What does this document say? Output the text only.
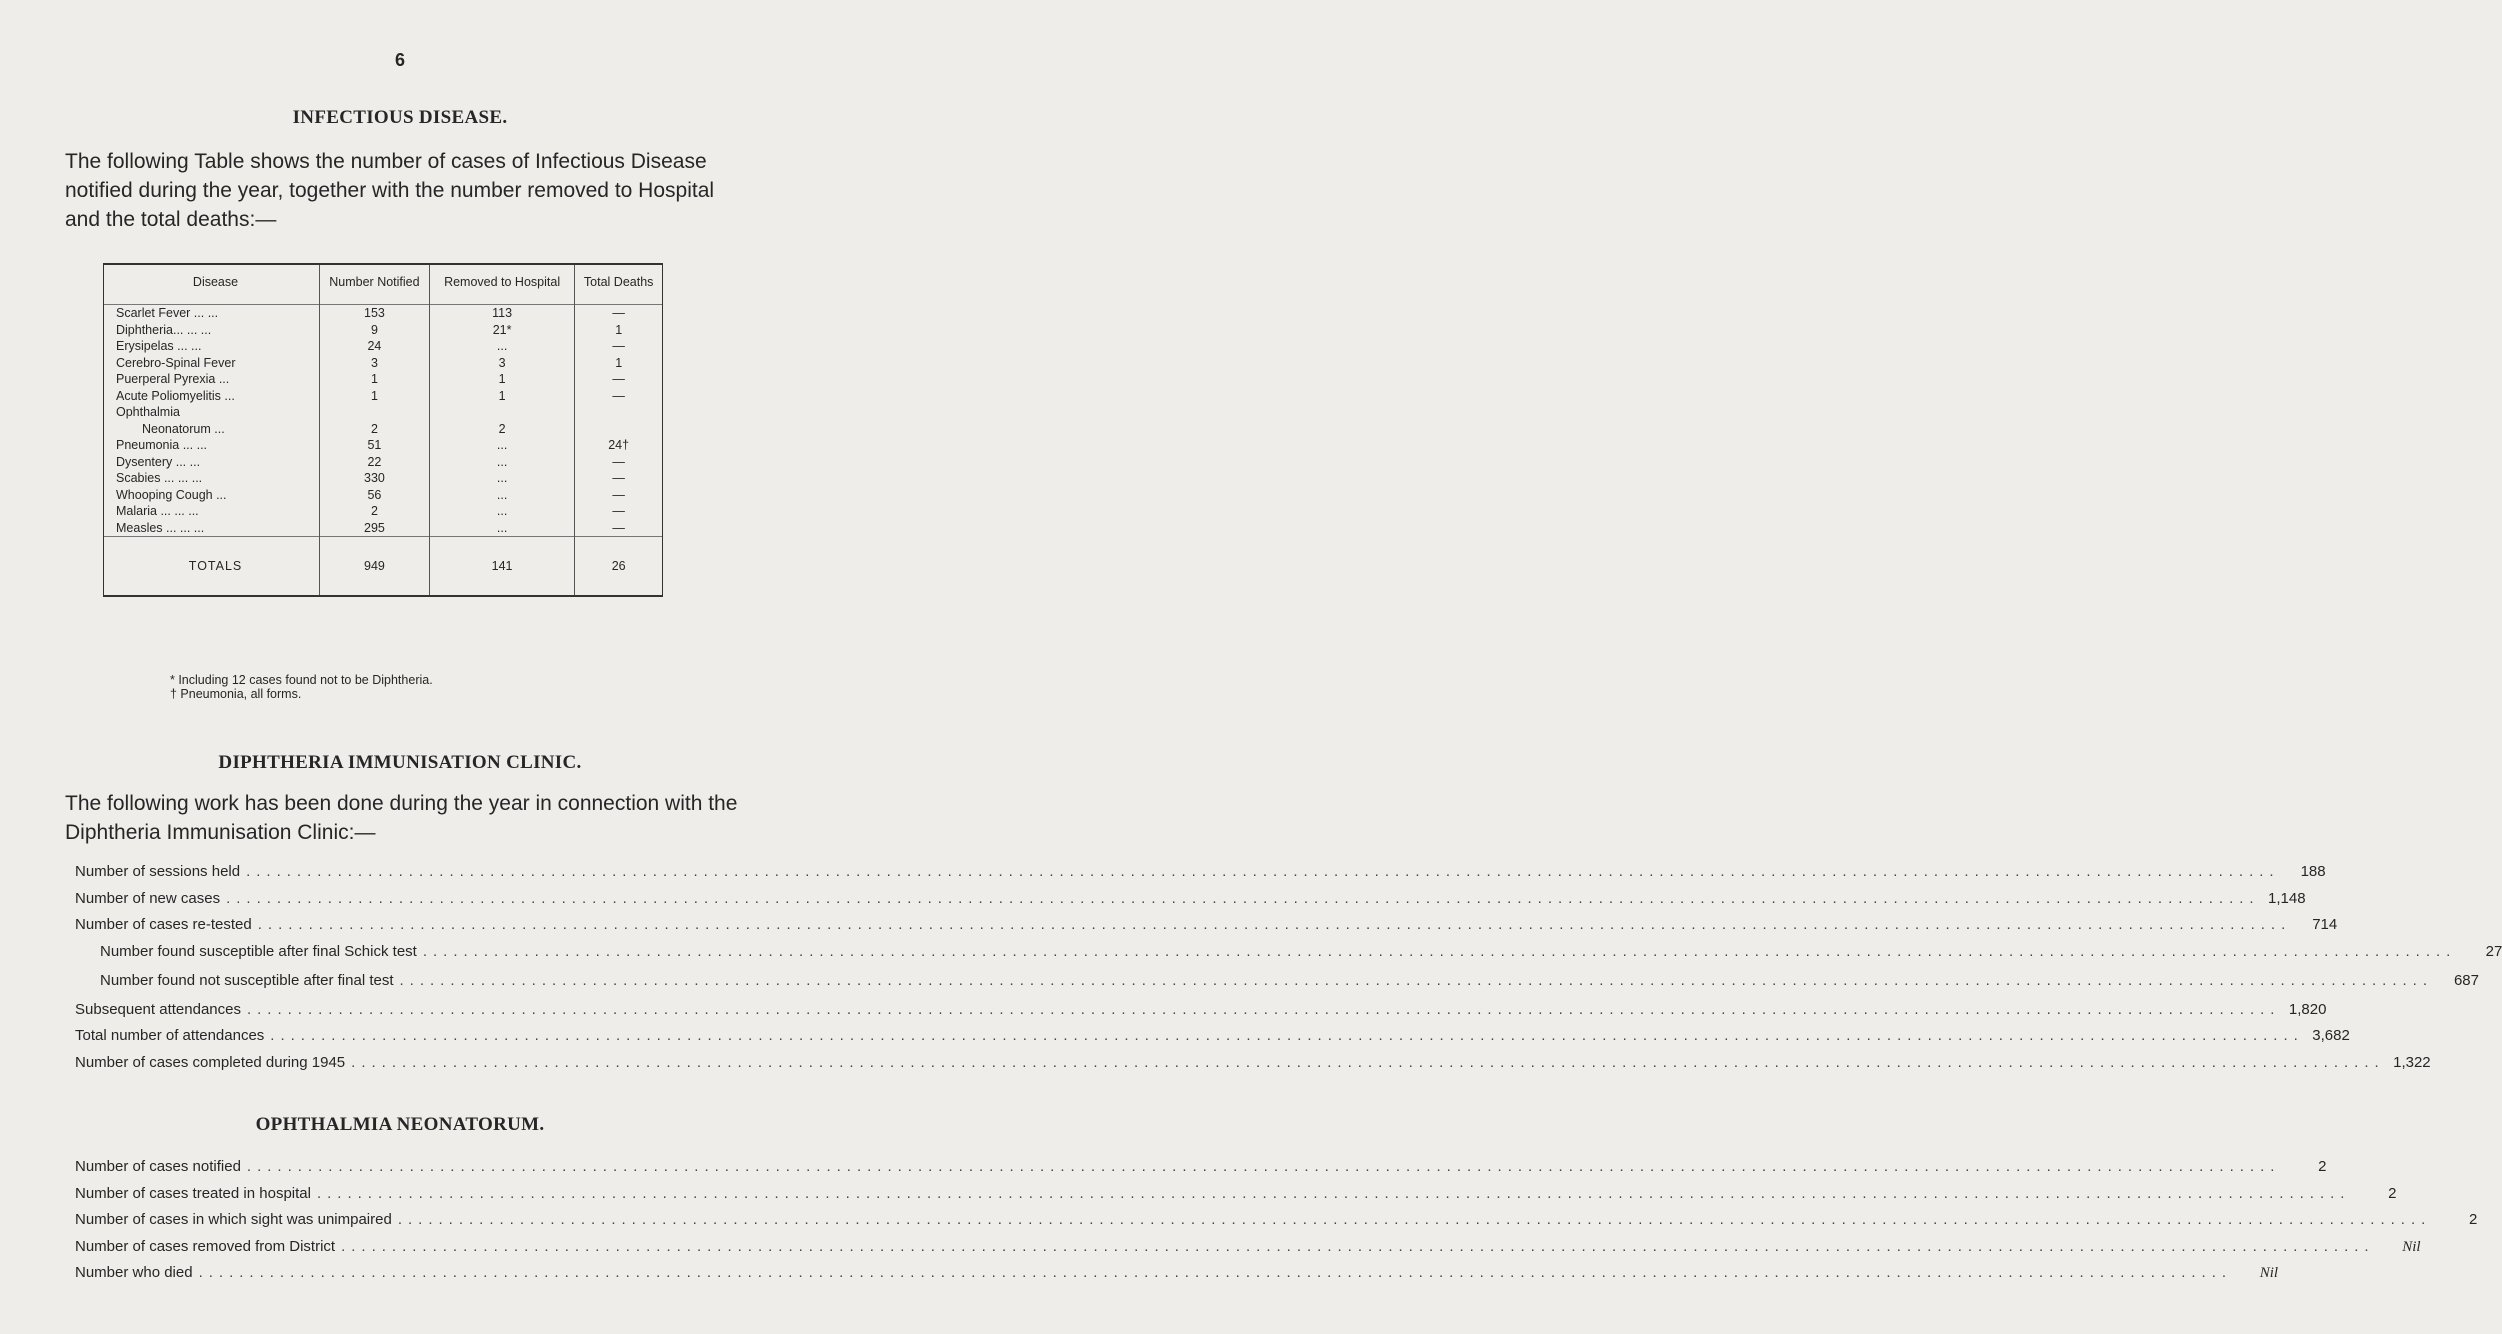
6
INFECTIOUS DISEASE.
The following Table shows the number of cases of Infectious Disease notified during the year, together with the number removed to Hospital and the total deaths:—
Disease	Number Notified	Removed to Hospital	Total Deaths
Scarlet Fever ... ...	153	113	—
Diphtheria... ... ...	9	21*	1
Erysipelas ... ...	24	...	—
Cerebro-Spinal Fever	3	3	1
Puerperal Pyrexia ...	1	1	—
Acute Poliomyelitis ...	1	1	—
Ophthalmia			
Neonatorum ...	2	2	
Pneumonia ... ...	51	...	24†
Dysentery ... ...	22	...	—
Scabies ... ... ...	330	...	—
Whooping Cough ...	56	...	—
Malaria ... ... ...	2	...	—
Measles ... ... ...	295	...	—
TOTALS	949	141	26
* Including 12 cases found not to be Diphtheria.
† Pneumonia, all forms.
DIPHTHERIA IMMUNISATION CLINIC.
The following work has been done during the year in connection with the Diphtheria Immunisation Clinic:—
Number of sessions held ........................................................................................................................................................................................................	188
Number of new cases ........................................................................................................................................................................................................ 1,148
Number of cases re-tested ........................................................................................................................................................................................................	714
Number found susceptible after final Schick test ........................................................................................................................................................................................................	27
Number found not susceptible after final test ........................................................................................................................................................................................................	687
Subsequent attendances ........................................................................................................................................................................................................ 1,820
Total number of attendances ........................................................................................................................................................................................................ 3,682
Number of cases completed during 1945 ........................................................................................................................................................................................................ 1,322
OPHTHALMIA NEONATORUM.
Number of cases notified ........................................................................................................................................................................................................	2
Number of cases treated in hospital ........................................................................................................................................................................................................	2
Number of cases in which sight was unimpaired ........................................................................................................................................................................................................	2
Number of cases removed from District ........................................................................................................................................................................................................	Nil
Number who died ........................................................................................................................................................................................................	Nil
